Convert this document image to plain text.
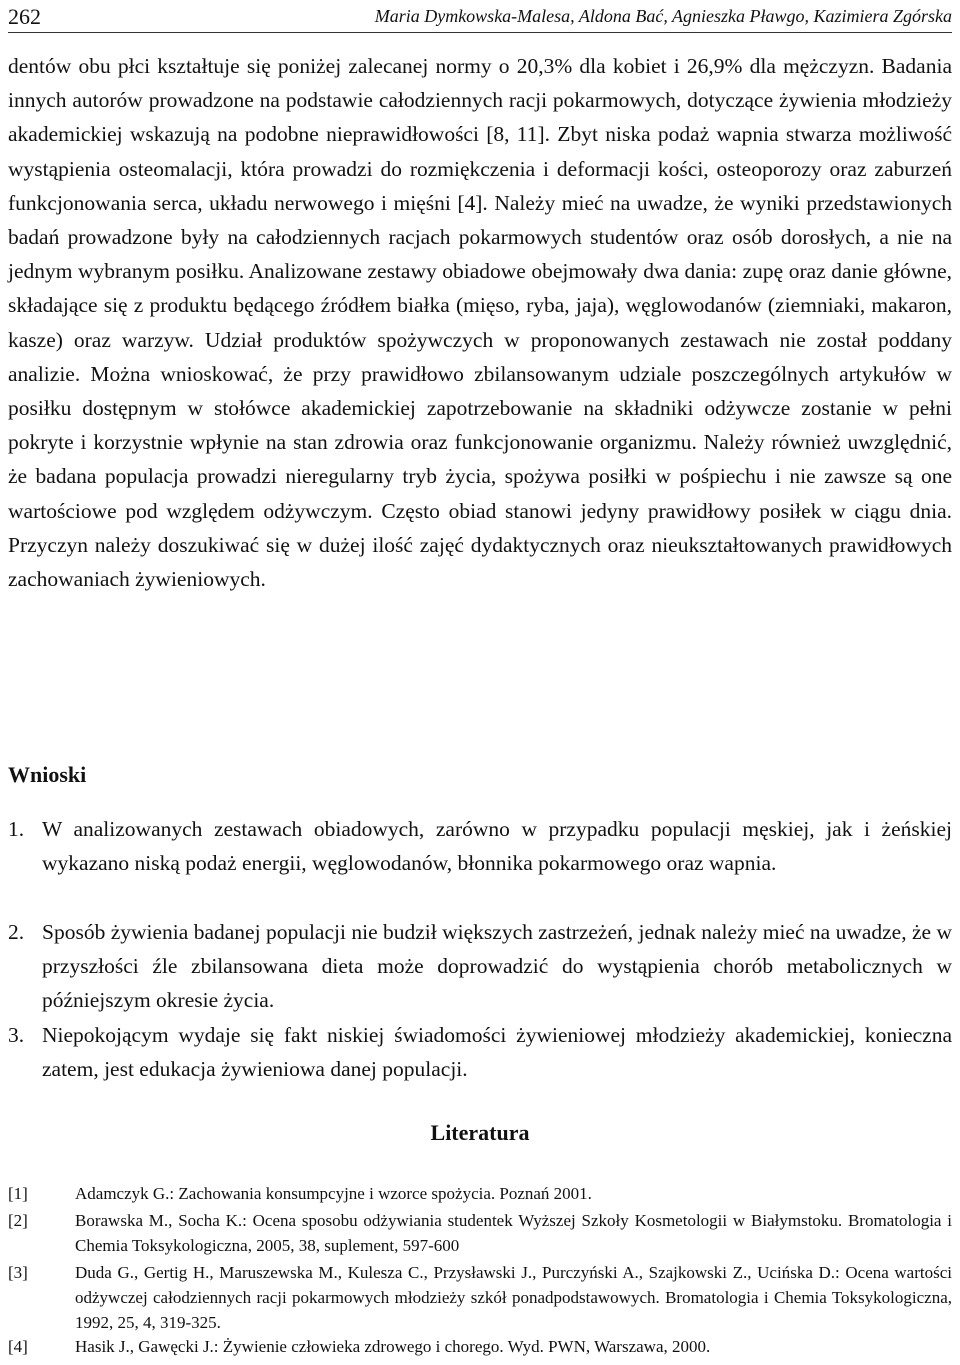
262	Maria Dymkowska-Malesa, Aldona Bać, Agnieszka Pławgo, Kazimiera Zgórska

dentów obu płci kształtuje się poniżej zalecanej normy o 20,3% dla kobiet i 26,9% dla mężczyzn. Badania innych autorów prowadzone na podstawie całodziennych racji pokarmowych, dotyczące żywienia młodzieży akademickiej wskazują na podobne nieprawidłowości [8, 11]. Zbyt niska podaż wapnia stwarza możliwość wystąpienia osteomalacji, która prowadzi do rozmiękczenia i deformacji kości, osteoporozy oraz zaburzeń funkcjonowania serca, układu nerwowego i mięśni [4]. Należy mieć na uwadze, że wyniki przedstawionych badań prowadzone były na całodziennych racjach pokarmowych studentów oraz osób dorosłych, a nie na jednym wybranym posiłku. Analizowane zestawy obiadowe obejmowały dwa dania: zupę oraz danie główne, składające się z produktu będącego źródłem białka (mięso, ryba, jaja), węglowodanów (ziemniaki, makaron, kasze) oraz warzyw. Udział produktów spożywczych w proponowanych zestawach nie został poddany analizie. Można wnioskować, że przy prawidłowo zbilansowanym udziale poszczególnych artykułów w posiłku dostępnym w stołówce akademickiej zapotrzebowanie na składniki odżywcze zostanie w pełni pokryte i korzystnie wpłynie na stan zdrowia oraz funkcjonowanie organizmu. Należy również uwzględnić, że badana populacja prowadzi nieregularny tryb życia, spożywa posiłki w pośpiechu i nie zawsze są one wartościowe pod względem odżywczym. Często obiad stanowi jedyny prawidłowy posiłek w ciągu dnia. Przyczyn należy doszukiwać się w dużej ilość zajęć dydaktycznych oraz nieukształtowanych prawidłowych zachowaniach żywieniowych.

Wnioski
1. W analizowanych zestawach obiadowych, zarówno w przypadku populacji męskiej, jak i żeńskiej wykazano niską podaż energii, węglowodanów, błonnika pokarmowego oraz wapnia.
2. Sposób żywienia badanej populacji nie budził większych zastrzeżeń, jednak należy mieć na uwadze, że w przyszłości źle zbilansowana dieta może doprowadzić do wystąpienia chorób metabolicznych w późniejszym okresie życia.
3. Niepokojącym wydaje się fakt niskiej świadomości żywieniowej młodzieży akademickiej, konieczna zatem, jest edukacja żywieniowa danej populacji.
Literatura
[1]	Adamczyk G.: Zachowania konsumpcyjne i wzorce spożycia. Poznań 2001.
[2]	Borawska M., Socha K.: Ocena sposobu odżywiania studentek Wyższej Szkoły Kosmetologii w Białymstoku. Bromatologia i Chemia Toksykologiczna, 2005, 38, suplement, 597-600
[3]	Duda G., Gertig H., Maruszewska M., Kulesza C., Przysławski J., Purczyński A., Szajkowski Z., Ucińska D.: Ocena wartości odżywczej całodziennych racji pokarmowych młodzieży szkół ponadpodstawowych. Bromatologia i Chemia Toksykologiczna, 1992, 25, 4, 319-325.
[4]	Hasik J., Gawęcki J.: Żywienie człowieka zdrowego i chorego. Wyd. PWN, Warszawa, 2000.
